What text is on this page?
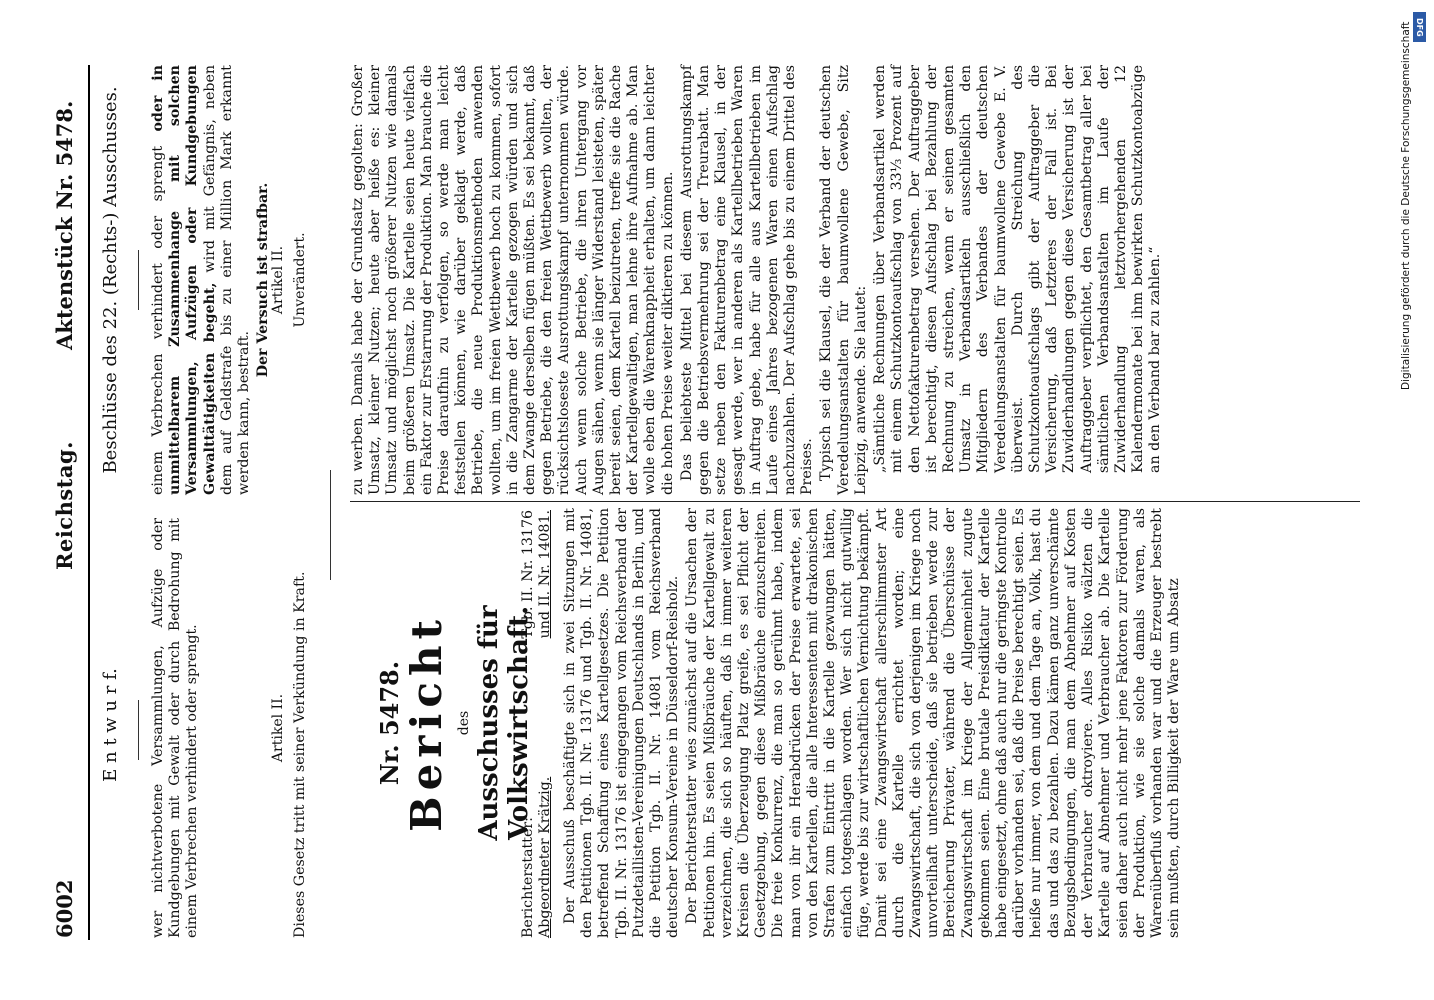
6002
Reichstag.
Aktenstück Nr. 5478.
E n t w u r f.
Beschlüsse des 22. (Rechts-) Ausschusses.

wer nichtverbotene Versammlungen, Aufzüge oder Kundgebungen mit Gewalt oder durch Bedrohung mit einem Verbrechen verhindert oder sprengt.

einem Verbrechen verhindert oder sprengt oder in unmittelbarem Zusammenhange mit solchen Versammlungen, Aufzügen oder Kundgebungen Gewalttätigkeiten begeht, wird mit Gefängnis, neben dem auf Geldstrafe bis zu einer Million Mark erkannt werden kann, bestraft.

Der Versuch ist strafbar.

Artikel II. Dieses Gesetz tritt mit seiner Verkündung in Kraft.
Artikel II. Unverändert.
Nr. 5478.
Bericht des Ausschusses für Volkswirtschaft.
Berichterstatter: Abgeordneter Krätzig.
Tgb. II. Nr. 13176 und II. Nr. 14081. Der Ausschuß beschäftigte sich in zwei Sitzungen mit den Petitionen Tgb. II. Nr. 13176 und Tgb. II. Nr. 14081, betreffend Schaffung eines Kartellgesetzes. Die Petition Tgb. II. Nr. 13176 ist eingegangen vom Reichsverband der Putzdetaillisten-Vereinigungen Deutschlands in Berlin, und die Petition Tgb. II. Nr. 14081 vom Reichsverband deutscher Konsum-Vereine in Düsseldorf-Reisholz. Der Berichterstatter wies zunächst auf die Ursachen der Petitionen hin. Es seien Mißbräuche der Kartellgewalt zu verzeichnen, die sich so häuften, daß in immer weiteren Kreisen die Überzeugung Platz greife, es sei Pflicht der Gesetzgebung, gegen diese Mißbräuche einzuschreiten. Die freie Konkurrenz, die man so gerühmt habe, indem man von ihr ein Herabdrücken der Preise erwartete, sei von den Kartellen, die alle Interessenten mit drakonischen Strafen zum Eintritt in die Kartelle gezwungen hätten, einfach totgeschlagen worden. Wer sich nicht gutwillig füge, werde bis zur wirtschaftlichen Vernichtung bekämpft. Damit sei eine Zwangswirtschaft allerschlimmster Art durch die Kartelle errichtet worden; eine Zwangswirtschaft, die sich von derjenigen im Kriege noch unvorteilhaft unterscheide, daß sie betrieben werde zur Bereicherung Privater, während die Überschüsse der Zwangswirtschaft im Kriege der Allgemeinheit zugute gekommen seien. Eine brutale Preisdiktatur der Kartelle habe eingesetzt, ohne daß auch nur die geringste Kontrolle darüber vorhanden sei, daß die Preise berechtigt seien. Es heiße nur immer, von dem und dem Tage an, Volk, hast du das und das zu bezahlen. Dazu kämen ganz unverschämte Bezugsbedingungen, die man dem Abnehmer auf Kosten der Verbraucher oktroyiere. Alles Risiko wälzten die Kartelle auf Abnehmer und Verbraucher ab. Die Kartelle seien daher auch nicht mehr jene Faktoren zur Förderung der Produktion, wie sie solche damals waren, als Warenüberfluß vorhanden war und die Erzeuger bestrebt sein mußten, durch Billigkeit der Ware um Absatz

zu werben. Damals habe der Grundsatz gegolten: Großer Umsatz, kleiner Nutzen; heute aber heiße es: kleiner Umsatz und möglichst noch größerer Nutzen wie damals beim größeren Umsatz. Die Kartelle seien heute vielfach ein Faktor zur Erstarrung der Produktion. Man brauche die Preise daraufhin zu verfolgen, so werde man leicht feststellen können, wie darüber geklagt werde, daß Betriebe, die neue Produktionsmethoden anwenden wollten, um im freien Wettbewerb hoch zu kommen, sofort in die Zangarme der Kartelle gezogen würden und sich dem Zwange derselben fügen müßten. Es sei bekannt, daß gegen Betriebe, die den freien Wettbewerb wollten, der rücksichtsloseste Ausrottungskampf unternommen würde. Auch wenn solche Betriebe, die ihren Untergang vor Augen sähen, wenn sie länger Widerstand leisteten, später bereit seien, dem Kartell beizutreten, treffe sie die Rache der Kartellgewaltigen, man lehne ihre Aufnahme ab. Man wolle eben die Warenknappheit erhalten, um dann leichter die hohen Preise weiter diktieren zu können. Das beliebteste Mittel bei diesem Ausrottungskampf gegen die Betriebsvermehrung sei der Treurabatt. Man setze neben den Fakturenbetrag eine Klausel, in der gesagt werde, wer in anderen als Kartellbetrieben Waren in Auftrag gebe, habe für alle aus Kartellbetrieben im Laufe eines Jahres bezogenen Waren einen Aufschlag nachzuzahlen. Der Aufschlag gehe bis zu einem Drittel des Preises. Typisch sei die Klausel, die der Verband der deutschen Veredelungsanstalten für baumwollene Gewebe, Sitz Leipzig, anwende. Sie lautet: „Sämtliche Rechnungen über Verbandsartikel werden mit einem Schutzkontoaufschlag von 33⅓ Prozent auf den Nettofakturenbetrag versehen. Der Auftraggeber ist berechtigt, diesen Aufschlag bei Bezahlung der Rechnung zu streichen, wenn er seinen gesamten Umsatz in Verbandsartikeln ausschließlich den Mitgliedern des Verbandes der deutschen Veredelungsanstalten für baumwollene Gewebe E. V. überweist. Durch Streichung des Schutzkontoaufschlags gibt der Auftraggeber die Versicherung, daß Letzteres der Fall ist. Bei Zuwiderhandlungen gegen diese Versicherung ist der Auftraggeber verpflichtet, den Gesamtbetrag aller bei sämtlichen Verbandsanstalten im Laufe der Zuwiderhandlung letztvorhergehenden 12 Kalendermonate bei ihm bewirkten Schutzkontoabzüge an den Verband bar zu zahlen.“

DFG
Digitalisierung gefördert durch die Deutsche Forschungsgemeinschaft
